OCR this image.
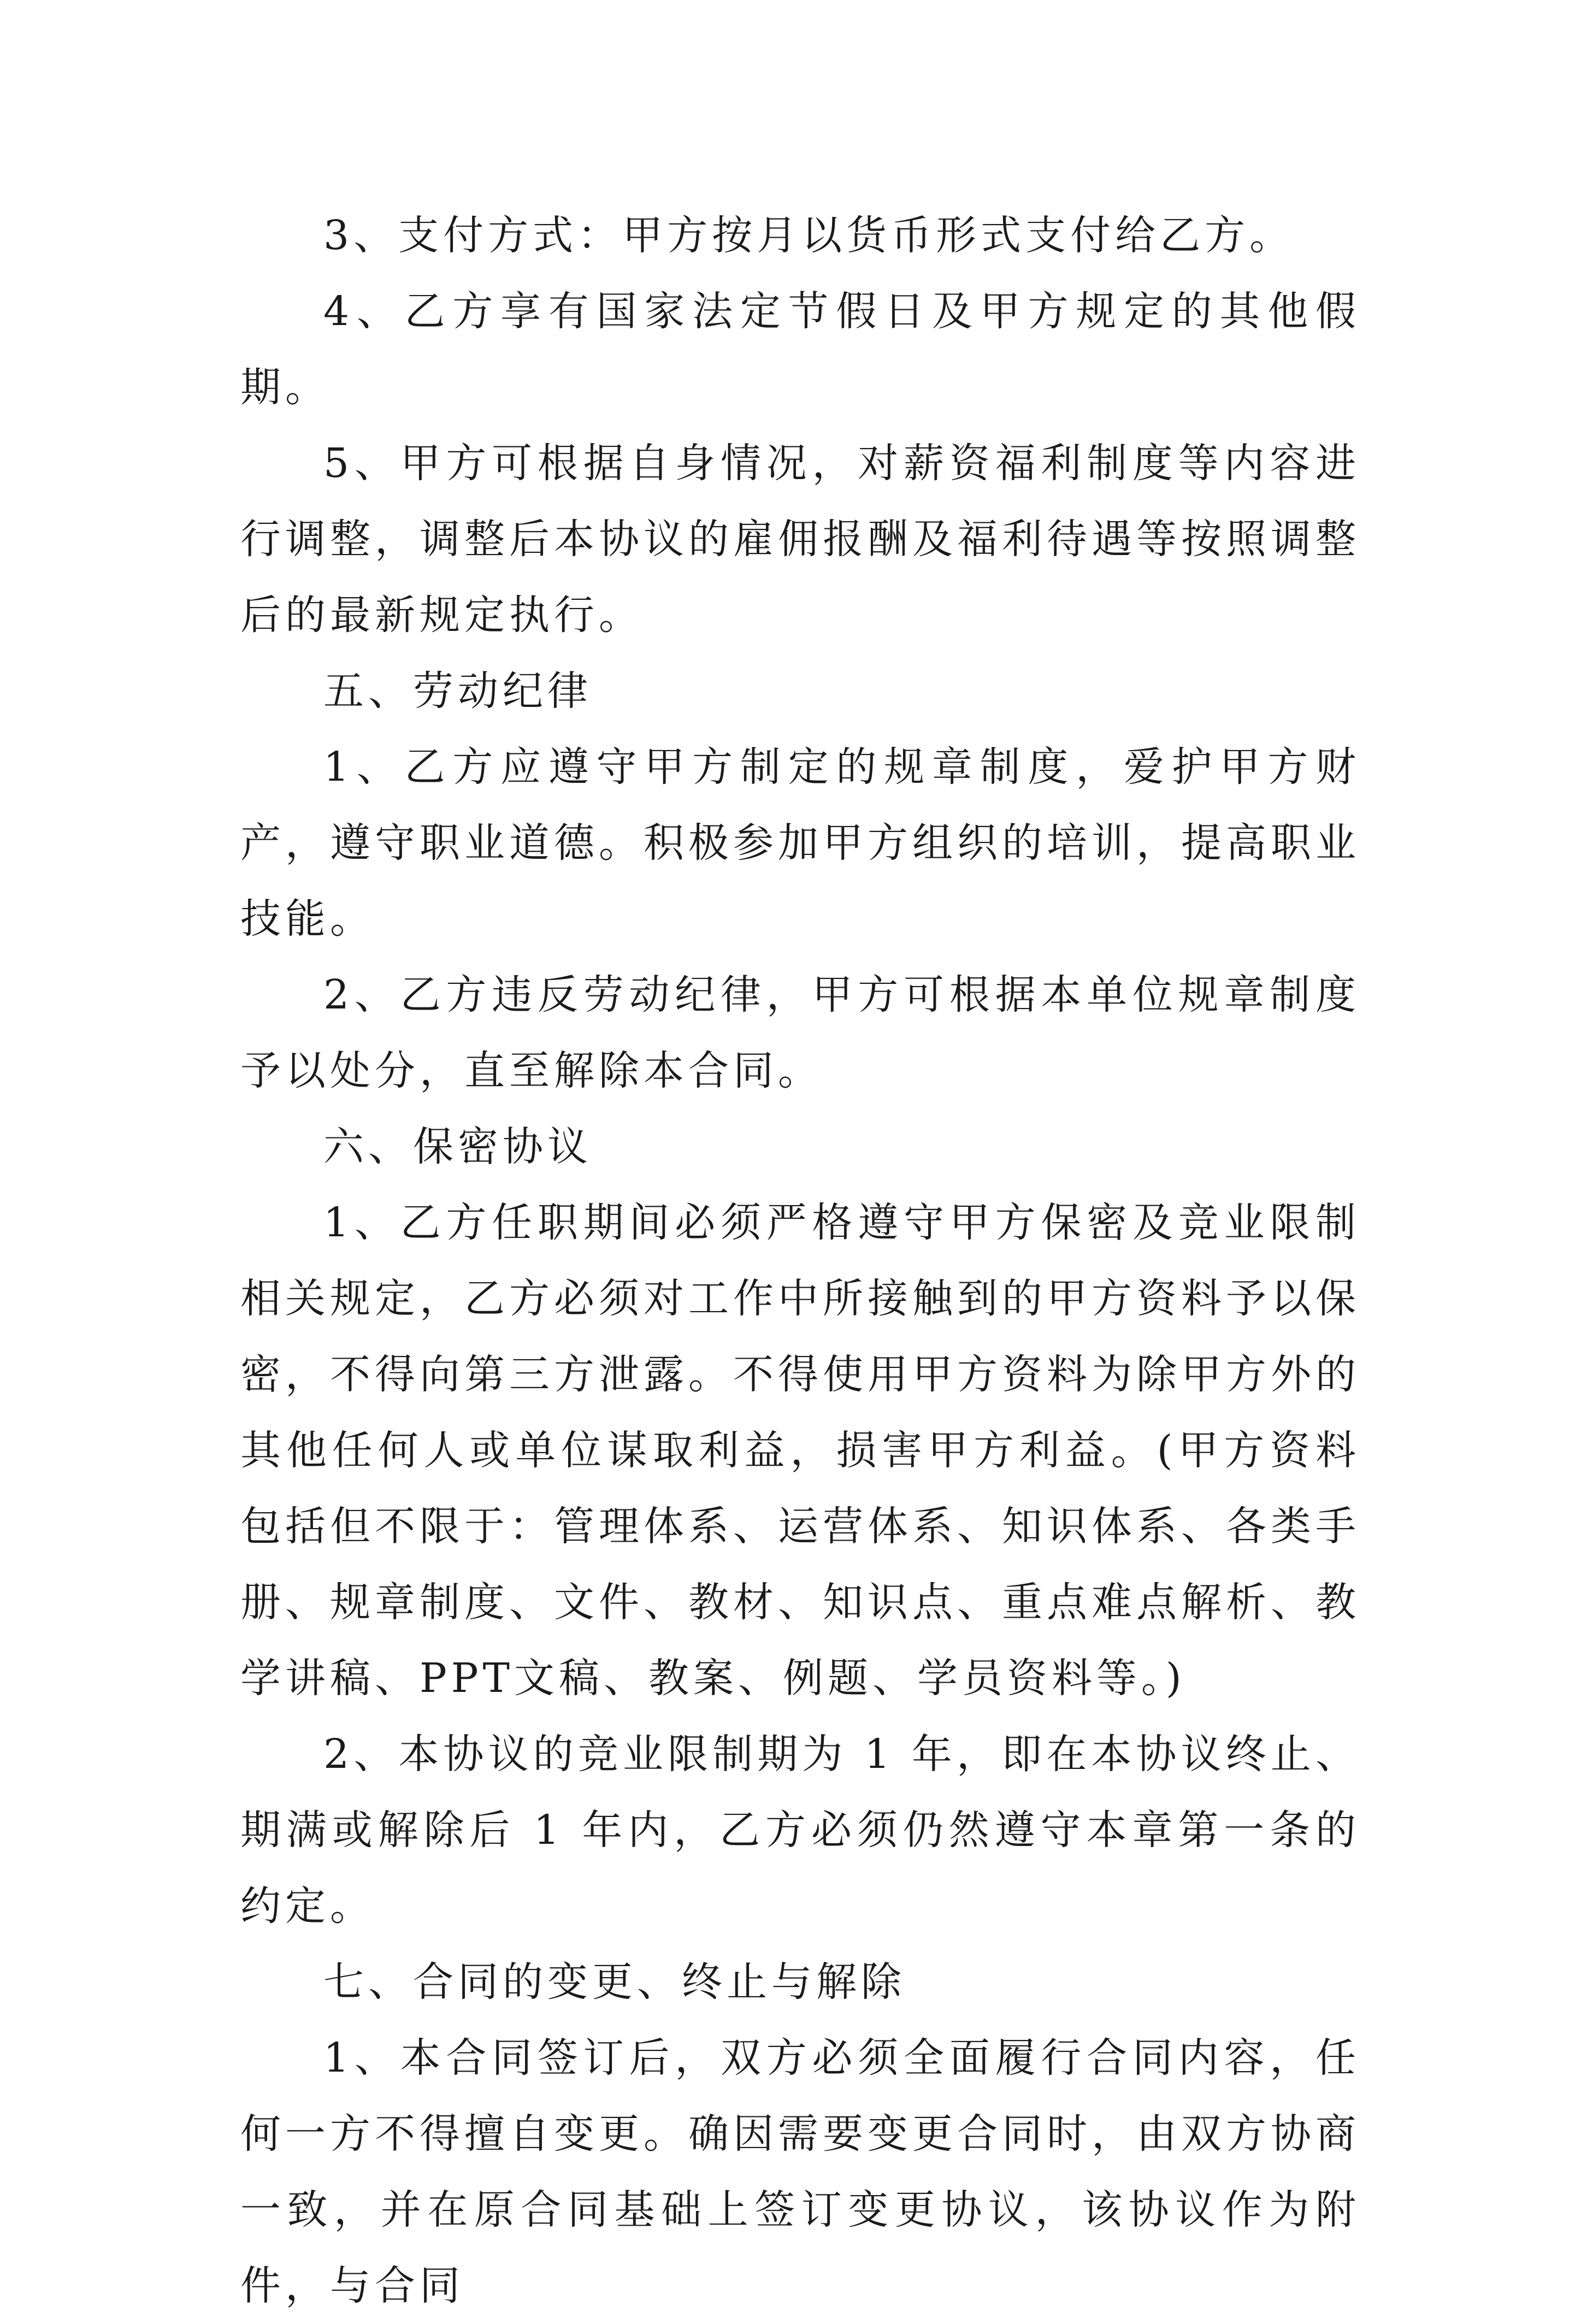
3、支付方式：甲方按月以货币形式支付给乙方。

4、乙方享有国家法定节假日及甲方规定的其他假期。

5、甲方可根据自身情况，对薪资福利制度等内容进行调整，调整后本协议的雇佣报酬及福利待遇等按照调整后的最新规定执行。

五、劳动纪律

1、乙方应遵守甲方制定的规章制度，爱护甲方财产，遵守职业道德。积极参加甲方组织的培训，提高职业技能。

2、乙方违反劳动纪律，甲方可根据本单位规章制度予以处分，直至解除本合同。

六、保密协议

1、乙方任职期间必须严格遵守甲方保密及竞业限制相关规定，乙方必须对工作中所接触到的甲方资料予以保密，不得向第三方泄露。不得使用甲方资料为除甲方外的其他任何人或单位谋取利益，损害甲方利益。(甲方资料包括但不限于：管理体系、运营体系、知识体系、各类手册、规章制度、文件、教材、知识点、重点难点解析、教学讲稿、PPT文稿、教案、例题、学员资料等。)

2、本协议的竞业限制期为 1 年，即在本协议终止、期满或解除后 1 年内，乙方必须仍然遵守本章第一条的约定。

七、合同的变更、终止与解除

1、本合同签订后，双方必须全面履行合同内容，任何一方不得擅自变更。确因需要变更合同时，由双方协商一致，并在原合同基础上签订变更协议，该协议作为附件，与合同
